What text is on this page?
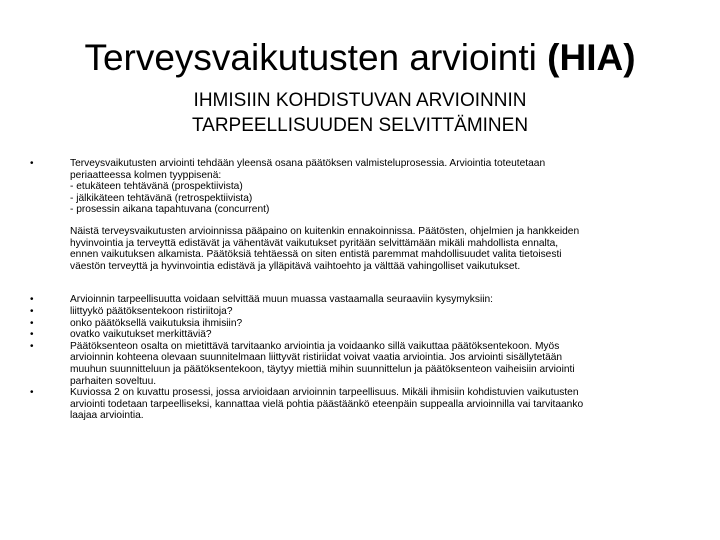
Terveysvaikutusten arviointi (HIA)
IHMISIIN KOHDISTUVAN ARVIOINNIN
TARPEELLISUUDEN SELVITTÄMINEN
•	Terveysvaikutusten arviointi tehdään yleensä osana päätöksen valmisteluprosessia. Arviointia toteutetaan
periaatteessa kolmen tyyppisenä:
- etukäteen tehtävänä (prospektiivista)
- jälkikäteen tehtävänä (retrospektiivista)
- prosessin aikana tapahtuvana (concurrent)
Näistä terveysvaikutusten arvioinnissa pääpaino on kuitenkin ennakoinnissa. Päätösten, ohjelmien ja hankkeiden
hyvinvointia ja terveyttä edistävät ja vähentävät vaikutukset pyritään selvittämään mikäli mahdollista ennalta,
ennen vaikutuksen alkamista. Päätöksiä tehtäessä on siten entistä paremmat mahdollisuudet valita tietoisesti
väestön terveyttä ja hyvinvointia edistävä ja ylläpitävä vaihtoehto ja välttää vahingolliset vaikutukset.
•	Arvioinnin tarpeellisuutta voidaan selvittää muun muassa vastaamalla seuraaviin kysymyksiin:
•	liittyykö päätöksentekoon ristiriitoja?
•	onko päätöksellä vaikutuksia ihmisiin?
•	ovatko vaikutukset merkittäviä?
•	Päätöksenteon osalta on mietittävä tarvitaanko arviointia ja voidaanko sillä vaikuttaa päätöksentekoon. Myös
arvioinnin kohteena olevaan suunnitelmaan liittyvät ristiriidat voivat vaatia arviointia. Jos arviointi sisällytetään
muuhun suunnitteluun ja päätöksentekoon, täytyy miettiä mihin suunnittelun ja päätöksenteon vaiheisiin arviointi
parhaiten soveltuu.
•	Kuviossa 2 on kuvattu prosessi, jossa arvioidaan arvioinnin tarpeellisuus. Mikäli ihmisiin kohdistuvien vaikutusten
arviointi todetaan tarpeelliseksi, kannattaa vielä pohtia päästäänkö eteenpäin suppealla arvioinnilla vai tarvitaanko
laajaa arviointia.
